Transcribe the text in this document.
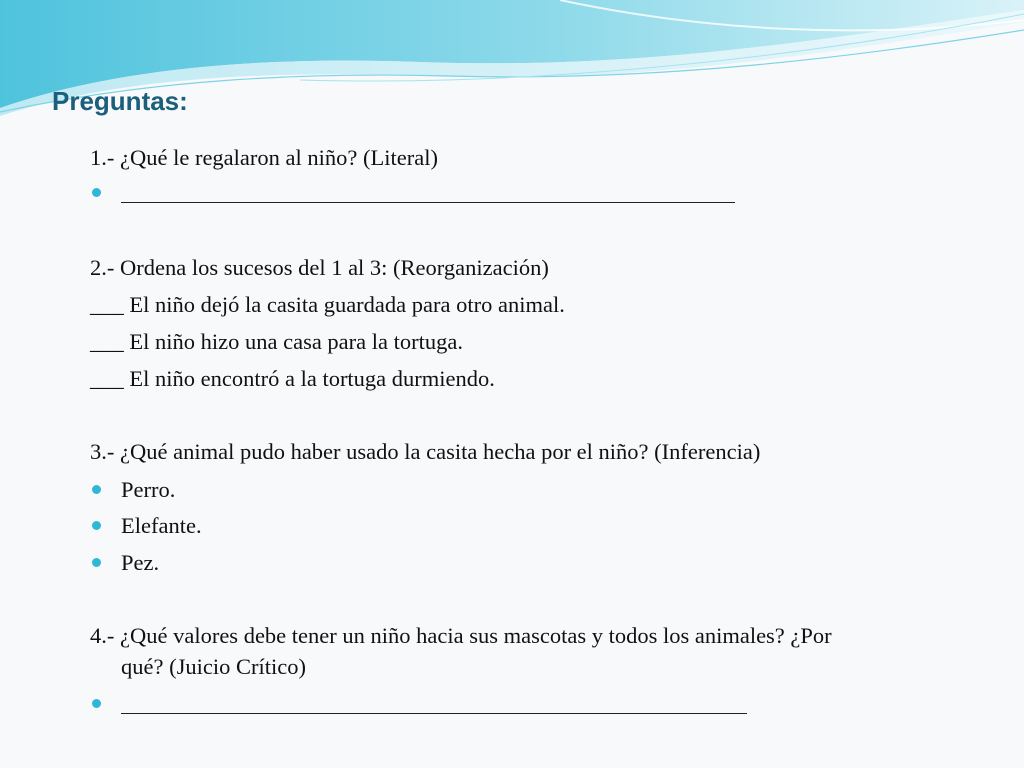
Preguntas:
1.- ¿Qué le regalaron al niño? (Literal)
2.- Ordena los sucesos del 1 al 3: (Reorganización)
___ El niño dejó la casita guardada para otro animal.
___ El niño hizo una casa para la tortuga.
___ El niño encontró a la tortuga durmiendo.
3.- ¿Qué animal pudo haber usado la casita hecha por el niño? (Inferencia)
Perro.
Elefante.
Pez.
4.- ¿Qué valores debe tener un niño hacia sus mascotas y todos los animales? ¿Por
qué? (Juicio Crítico)
